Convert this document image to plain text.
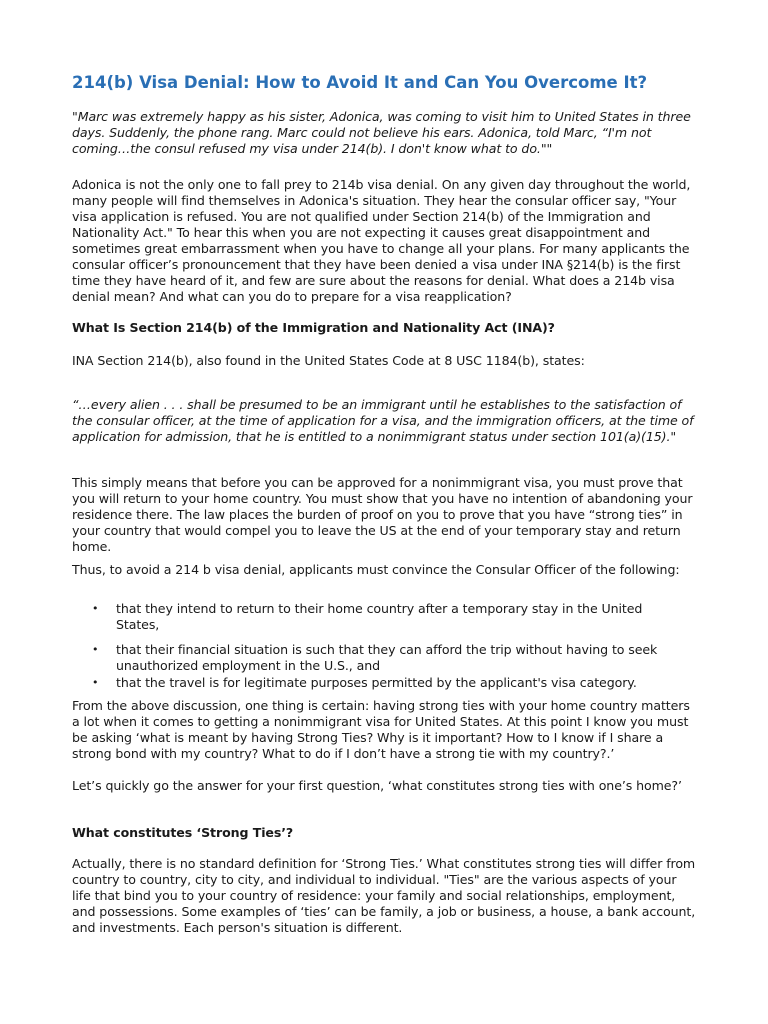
214(b) Visa Denial: How to Avoid It and Can You Overcome It?

"Marc was extremely happy as his sister, Adonica, was coming to visit him to United States in three days. Suddenly, the phone rang. Marc could not believe his ears. Adonica, told Marc, “I'm not coming…the consul refused my visa under 214(b). I don't know what to do.""

Adonica is not the only one to fall prey to 214b visa denial. On any given day throughout the world, many people will find themselves in Adonica's situation. They hear the consular officer say, "Your visa application is refused. You are not qualified under Section 214(b) of the Immigration and Nationality Act." To hear this when you are not expecting it causes great disappointment and sometimes great embarrassment when you have to change all your plans. For many applicants the consular officer’s pronouncement that they have been denied a visa under INA §214(b) is the first time they have heard of it, and few are sure about the reasons for denial. What does a 214b visa denial mean? And what can you do to prepare for a visa reapplication?

What Is Section 214(b) of the Immigration and Nationality Act (INA)?

INA Section 214(b), also found in the United States Code at 8 USC 1184(b), states:

“…every alien . . . shall be presumed to be an immigrant until he establishes to the satisfaction of the consular officer, at the time of application for a visa, and the immigration officers, at the time of application for admission, that he is entitled to a nonimmigrant status under section 101(a)(15)."

This simply means that before you can be approved for a nonimmigrant visa, you must prove that you will return to your home country. You must show that you have no intention of abandoning your residence there. The law places the burden of proof on you to prove that you have “strong ties” in your country that would compel you to leave the US at the end of your temporary stay and return home.

Thus, to avoid a 214 b visa denial, applicants must convince the Consular Officer of the following:

• that they intend to return to their home country after a temporary stay in the United States,

• that their financial situation is such that they can afford the trip without having to seek unauthorized employment in the U.S., and

• that the travel is for legitimate purposes permitted by the applicant's visa category.

From the above discussion, one thing is certain: having strong ties with your home country matters a lot when it comes to getting a nonimmigrant visa for United States. At this point I know you must be asking ‘what is meant by having Strong Ties? Why is it important? How to I know if I share a strong bond with my country? What to do if I don’t have a strong tie with my country?.’

Let’s quickly go the answer for your first question, ‘what constitutes strong ties with one’s home?’

What constitutes ‘Strong Ties’?

Actually, there is no standard definition for ‘Strong Ties.’ What constitutes strong ties will differ from country to country, city to city, and individual to individual. "Ties" are the various aspects of your life that bind you to your country of residence: your family and social relationships, employment, and possessions. Some examples of ‘ties’ can be family, a job or business, a house, a bank account, and investments. Each person's situation is different.
